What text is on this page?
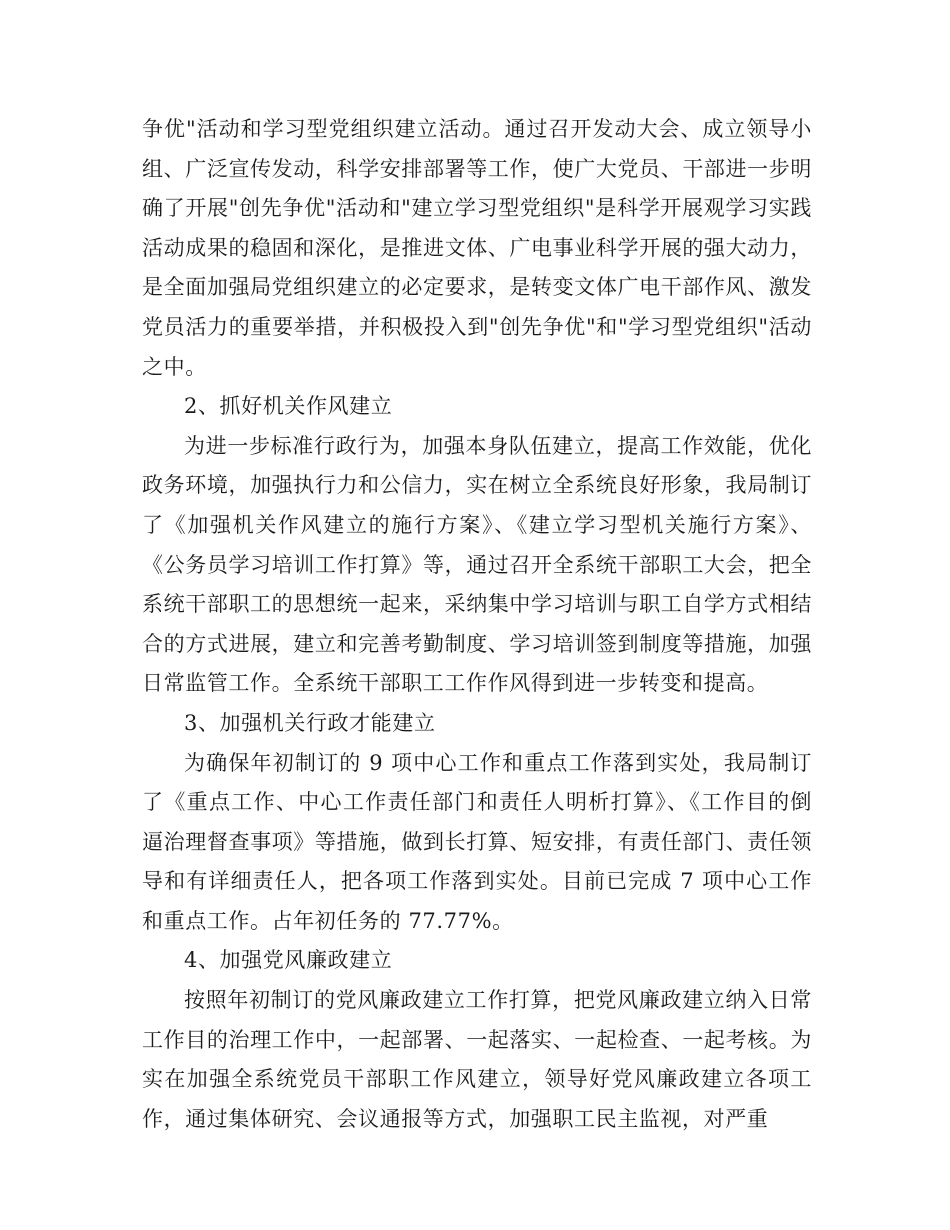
争优"活动和学习型党组织建立活动。通过召开发动大会、成立领导小组、广泛宣传发动，科学安排部署等工作，使广大党员、干部进一步明确了开展"创先争优"活动和"建立学习型党组织"是科学开展观学习实践活动成果的稳固和深化，是推进文体、广电事业科学开展的强大动力，是全面加强局党组织建立的必定要求，是转变文体广电干部作风、激发党员活力的重要举措，并积极投入到"创先争优"和"学习型党组织"活动之中。

2、抓好机关作风建立

为进一步标准行政行为，加强本身队伍建立，提高工作效能，优化政务环境，加强执行力和公信力，实在树立全系统良好形象，我局制订了《加强机关作风建立的施行方案》、《建立学习型机关施行方案》、《公务员学习培训工作打算》等，通过召开全系统干部职工大会，把全系统干部职工的思想统一起来，采纳集中学习培训与职工自学方式相结合的方式进展，建立和完善考勤制度、学习培训签到制度等措施，加强日常监管工作。全系统干部职工工作作风得到进一步转变和提高。

3、加强机关行政才能建立

为确保年初制订的 9 项中心工作和重点工作落到实处，我局制订了《重点工作、中心工作责任部门和责任人明析打算》、《工作目的倒逼治理督查事项》等措施，做到长打算、短安排，有责任部门、责任领导和有详细责任人，把各项工作落到实处。目前已完成 7 项中心工作和重点工作。占年初任务的 77.77%。

4、加强党风廉政建立

按照年初制订的党风廉政建立工作打算，把党风廉政建立纳入日常工作目的治理工作中，一起部署、一起落实、一起检查、一起考核。为实在加强全系统党员干部职工作风建立，领导好党风廉政建立各项工作，通过集体研究、会议通报等方式，加强职工民主监视，对严重
